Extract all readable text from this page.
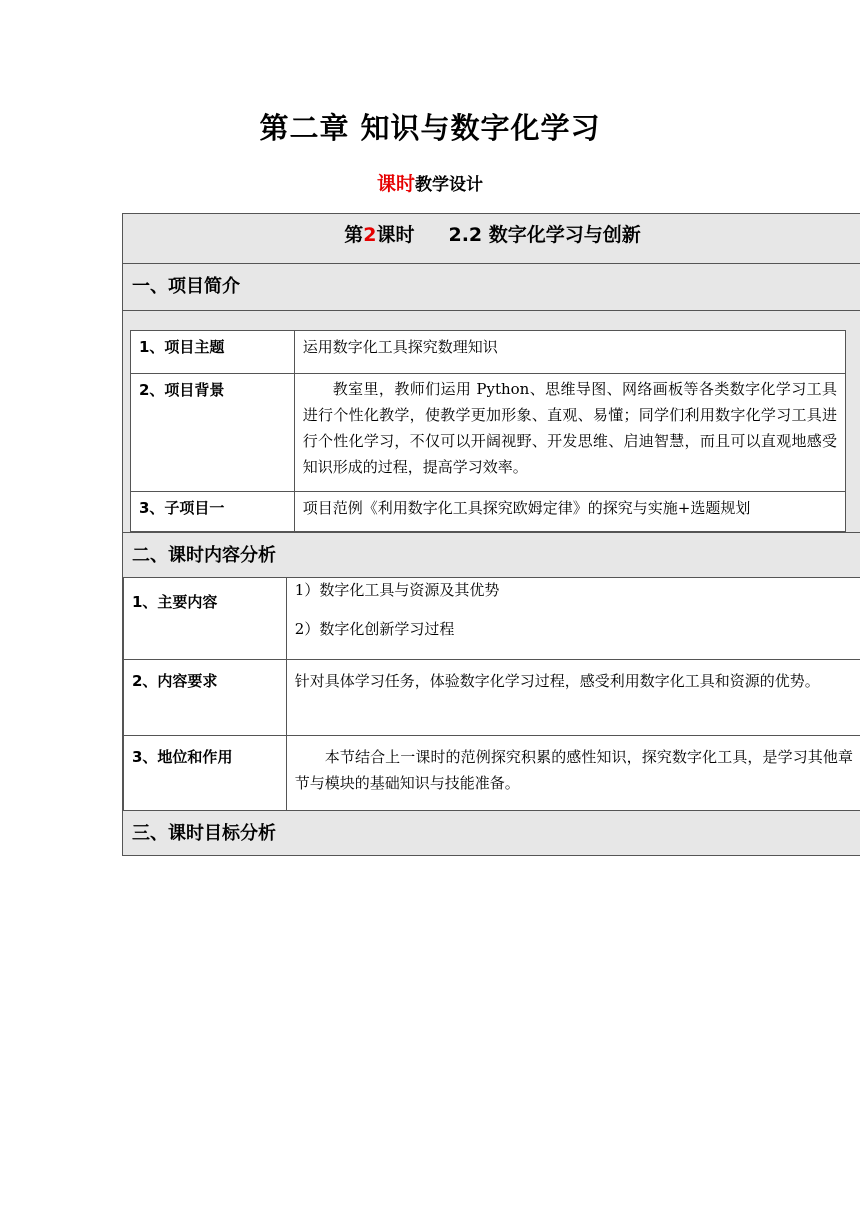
第二章 知识与数字化学习
课时教学设计
第2课时 2.2 数字化学习与创新
一、项目简介
1、项目主题	运用数字化工具探究数理知识
2、项目背景	教室里，教师们运用 Python、思维导图、网络画板等各类数字化学习工具进行个性化教学，使教学更加形象、直观、易懂；同学们利用数字化学习工具进行个性化学习，不仅可以开阔视野、开发思维、启迪智慧，而且可以直观地感受知识形成的过程，提高学习效率。
3、子项目一	项目范例《利用数字化工具探究欧姆定律》的探究与实施+选题规划
二、课时内容分析
1、主要内容	1）数字化工具与资源及其优势
2）数字化创新学习过程

2、内容要求	针对具体学习任务，体验数字化学习过程，感受利用数字化工具和资源的优势。
3、地位和作用	本节结合上一课时的范例探究积累的感性知识，探究数字化工具，是学习其他章节与模块的基础知识与技能准备。
三、课时目标分析
